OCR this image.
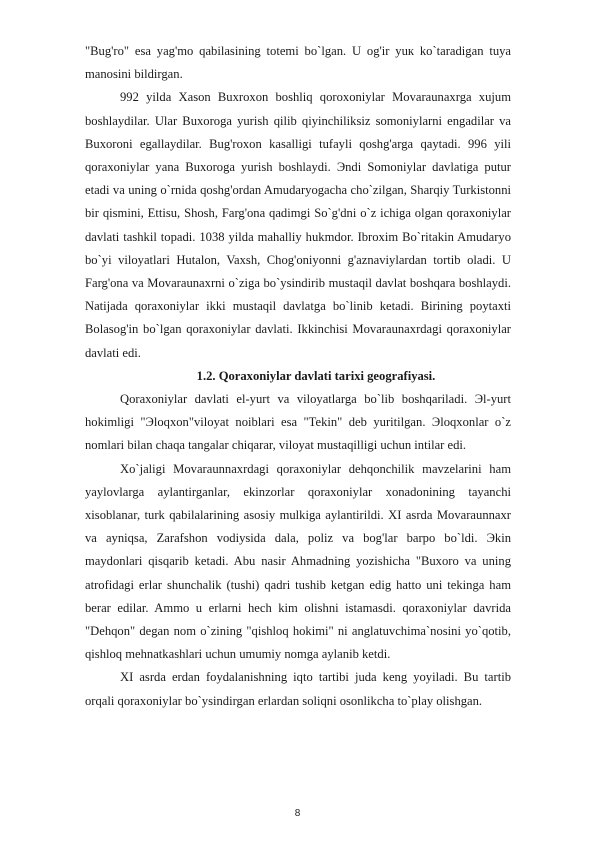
"Bug'ro" esa yag'mo qabilasining totemi bo`lgan. U og'ir yuк ko`taradigan tuya manosini bildirgan.

992 yilda Xason Buxroxon boshliq qoroxoniylar Movaraunaxrga xujum boshlaydilar. Ular Buxoroga yurish qilib qiyinchiliksiz somoniylarni engadilar va Buxoroni egallaydilar. Bug'roxon kasalligi tufayli qoshg'arga qaytadi. 996 yili qoraxoniylar yana Buxoroga yurish boshlaydi. Эndi Somoniylar davlatiga putur etadi va uning o`rnida qoshg'ordan Amudaryogacha cho`zilgan, Sharqiy Turkistonni bir qismini, Ettisu, Shosh, Farg'ona qadimgi So`g'dni o`z ichiga olgan qoraxoniylar davlati tashkil topadi. 1038 yilda mahalliy hukmdor. Ibroxim Bo`ritakin Amudaryo bo`yi viloyatlari Hutalon, Vaxsh, Chog'oniyonni g'aznaviylardan tortib oladi. U Farg'ona va Movaraunaxrni o`ziga bo`ysindirib mustaqil davlat boshqara boshlaydi. Natijada qoraxoniylar ikki mustaqil davlatga bo`linib ketadi. Birining poytaxti Bolasog'in bo`lgan qoraxoniylar davlati. Ikkinchisi Movaraunaxrdagi qoraxoniylar davlati edi.

1.2. Qoraxoniylar davlati tarixi geografiyasi.

Qoraxoniylar davlati el-yurt va viloyatlarga bo`lib boshqariladi. Эl-yurt hokimligi "Эloqxon"viloyat noiblari esa "Tekin" deb yuritilgan. Эloqxonlar o`z nomlari bilan chaqa tangalar chiqarar, viloyat mustaqilligi uchun intilar edi.

Xo`jaligi Movaraunnaxrdagi qoraxoniylar dehqonchilik mavzelarini ham yaylovlarga aylantirganlar, ekinzorlar qoraxoniylar xonadonining tayanchi xisoblanar, turk qabilalarining asosiy mulkiga aylantirildi. XI asrda Movaraunnaxr va ayniqsa, Zarafshon vodiysida dala, poliz va bog'lar barpo bo`ldi. Эkin maydonlari qisqarib ketadi. Abu nasir Ahmadning yozishicha "Buxoro va uning atrofidagi erlar shunchalik (tushi) qadri tushib ketgan edig hatto uni tekinga ham berar edilar. Ammo u erlarni hech kim olishni istamasdi. qoraxoniylar davrida "Dehqon" degan nom o`zining "qishloq hokimi" ni anglatuvchima`nosini yo`qotib, qishloq mehnatkashlari uchun umumiy nomga aylanib ketdi.

XI asrda erdan foydalanishning iqto tartibi juda keng yoyiladi. Bu tartib orqali qoraxoniylar bo`ysindirgan erlardan soliqni osonlikcha to`play olishgan.

8
